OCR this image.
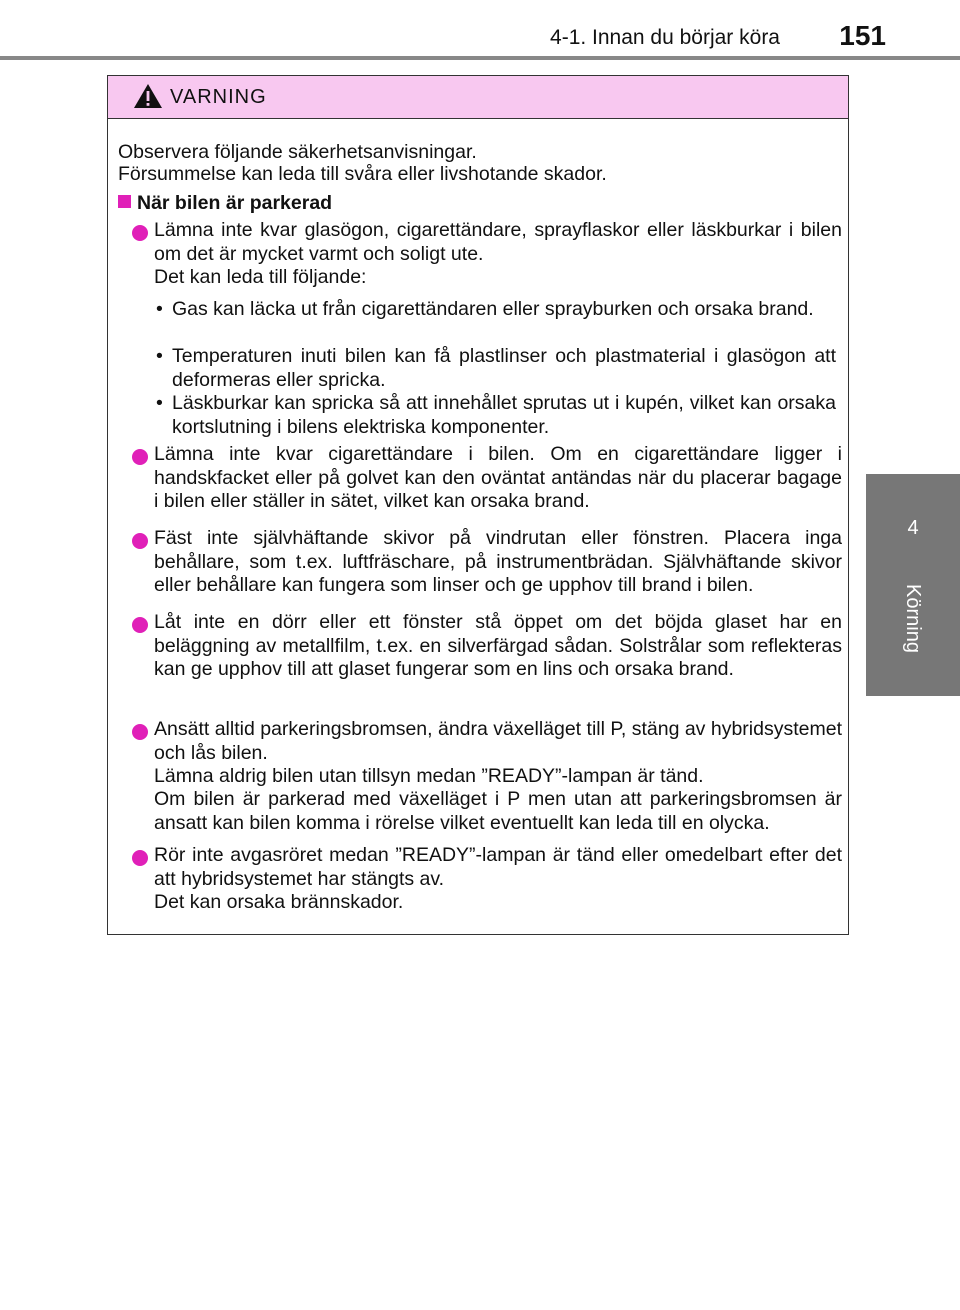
4-1. Innan du börjar köra	151
4
Körning
VARNING
Observera följande säkerhetsanvisningar.
Försummelse kan leda till svåra eller livshotande skador.
När bilen är parkerad
Lämna inte kvar glasögon, cigarettändare, sprayflaskor eller läskburkar i bilen om det är mycket varmt och soligt ute.
Det kan leda till följande:
• Gas kan läcka ut från cigarettändaren eller sprayburken och orsaka brand.
• Temperaturen inuti bilen kan få plastlinser och plastmaterial i glasögon att deformeras eller spricka.
• Läskburkar kan spricka så att innehållet sprutas ut i kupén, vilket kan orsaka kortslutning i bilens elektriska komponenter.
Lämna inte kvar cigarettändare i bilen. Om en cigarettändare ligger i handskfacket eller på golvet kan den oväntat antändas när du placerar bagage i bilen eller ställer in sätet, vilket kan orsaka brand.
Fäst inte självhäftande skivor på vindrutan eller fönstren. Placera inga behållare, som t.ex. luftfräschare, på instrumentbrädan. Självhäftande skivor eller behållare kan fungera som linser och ge upphov till brand i bilen.
Låt inte en dörr eller ett fönster stå öppet om det böjda glaset har en beläggning av metallfilm, t.ex. en silverfärgad sådan. Solstrålar som reflekteras kan ge upphov till att glaset fungerar som en lins och orsaka brand.
Ansätt alltid parkeringsbromsen, ändra växelläget till P, stäng av hybridsystemet och lås bilen.
Lämna aldrig bilen utan tillsyn medan ”READY”-lampan är tänd.
Om bilen är parkerad med växelläget i P men utan att parkeringsbromsen är ansatt kan bilen komma i rörelse vilket eventuellt kan leda till en olycka.
Rör inte avgasröret medan ”READY”-lampan är tänd eller omedelbart efter det att hybridsystemet har stängts av.
Det kan orsaka brännskador.
